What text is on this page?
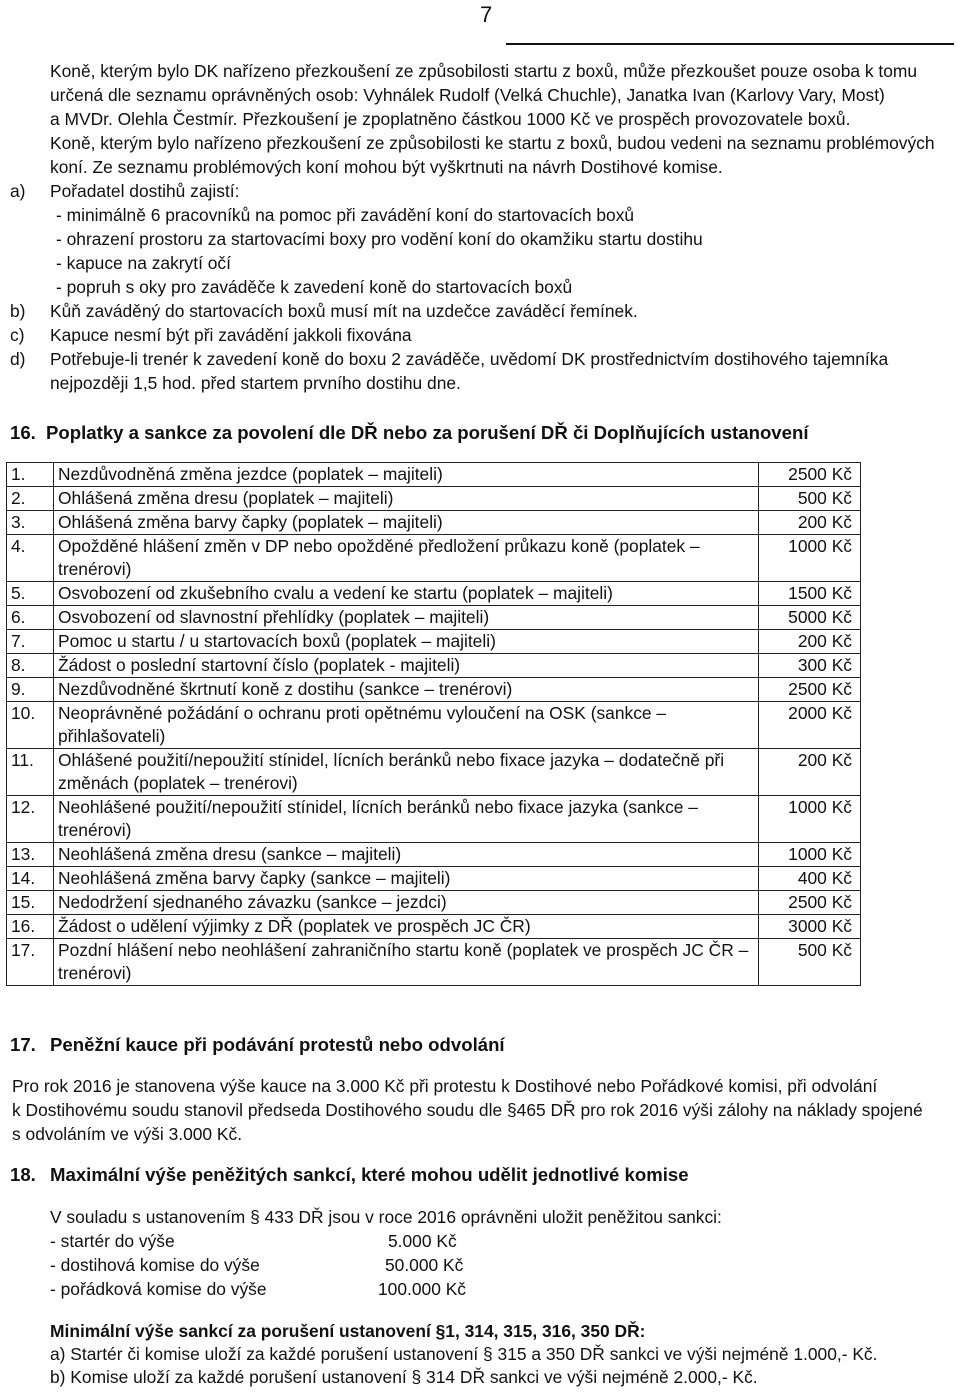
7
Koně, kterým bylo DK nařízeno přezkoušení ze způsobilosti startu z boxů, může přezkoušet pouze osoba k tomu
určená dle seznamu oprávněných osob: Vyhnálek Rudolf (Velká Chuchle), Janatka Ivan (Karlovy Vary, Most)
a MVDr. Olehla Čestmír. Přezkoušení je zpoplatněno částkou 1000 Kč ve prospěch provozovatele boxů.
Koně, kterým bylo nařízeno přezkoušení ze způsobilosti ke startu z boxů, budou vedeni na seznamu problémových
koní. Ze seznamu problémových koní mohou být vyškrtnuti na návrh Dostihové komise.
a) Pořadatel dostihů zajistí:
- minimálně 6 pracovníků na pomoc při zavádění koní do startovacích boxů
- ohrazení prostoru za startovacími boxy pro vodění koní do okamžiku startu dostihu
- kapuce na zakrytí očí
- popruh s oky pro zaváděče k zavedení koně do startovacích boxů
b) Kůň zaváděný do startovacích boxů musí mít na uzdečce zaváděcí řemínek.
c) Kapuce nesmí být při zavádění jakkoli fixována
d) Potřebuje-li trenér k zavedení koně do boxu 2 zaváděče, uvědomí DK prostřednictvím dostihového tajemníka
nejpozději 1,5 hod. před startem prvního dostihu dne.
16. Poplatky a sankce za povolení dle DŘ nebo za porušení DŘ či Doplňujících ustanovení
1.	Nezdůvodněná změna jezdce (poplatek – majiteli)	2500 Kč
2.	Ohlášená změna dresu (poplatek – majiteli)	500 Kč
3.	Ohlášená změna barvy čapky (poplatek – majiteli)	200 Kč
4.	Opožděné hlášení změn v DP nebo opožděné předložení průkazu koně (poplatek – trenérovi)	1000 Kč
5.	Osvobození od zkušebního cvalu a vedení ke startu (poplatek – majiteli)	1500 Kč
6.	Osvobození od slavnostní přehlídky (poplatek – majiteli)	5000 Kč
7.	Pomoc u startu / u startovacích boxů (poplatek – majiteli)	200 Kč
8.	Žádost o poslední startovní číslo (poplatek - majiteli)	300 Kč
9.	Nezdůvodněné škrtnutí koně z dostihu (sankce – trenérovi)	2500 Kč
10.	Neoprávněné požádání o ochranu proti opětnému vyloučení na OSK (sankce – přihlašovateli)	2000 Kč
11.	Ohlášené použití/nepoužití stínidel, lícních beránků nebo fixace jazyka – dodatečně při změnách (poplatek – trenérovi)	200 Kč
12.	Neohlášené použití/nepoužití stínidel, lícních beránků nebo fixace jazyka (sankce – trenérovi)	1000 Kč
13.	Neohlášená změna dresu (sankce – majiteli)	1000 Kč
14.	Neohlášená změna barvy čapky (sankce – majiteli)	400 Kč
15.	Nedodržení sjednaného závazku (sankce – jezdci)	2500 Kč
16.	Žádost o udělení výjimky z DŘ (poplatek ve prospěch JC ČR)	3000 Kč
17.	Pozdní hlášení nebo neohlášení zahraničního startu koně (poplatek ve prospěch JC ČR – trenérovi)	500 Kč
17. Peněžní kauce při podávání protestů nebo odvolání
Pro rok 2016 je stanovena výše kauce na 3.000 Kč při protestu k Dostihové nebo Pořádkové komisi, při odvolání
k Dostihovému soudu stanovil předseda Dostihového soudu dle §465 DŘ pro rok 2016 výši zálohy na náklady spojené
s odvoláním ve výši 3.000 Kč.
18. Maximální výše peněžitých sankcí, které mohou udělit jednotlivé komise
V souladu s ustanovením § 433 DŘ jsou v roce 2016 oprávněni uložit peněžitou sankci:
- startér do výše	5.000 Kč
- dostihová komise do výše	50.000 Kč
- pořádková komise do výše	100.000 Kč
Minimální výše sankcí za porušení ustanovení §1, 314, 315, 316, 350 DŘ:
a) Startér či komise uloží za každé porušení ustanovení § 315 a 350 DŘ sankci ve výši nejméně 1.000,- Kč.
b) Komise uloží za každé porušení ustanovení § 314 DŘ sankci ve výši nejméně 2.000,- Kč.
